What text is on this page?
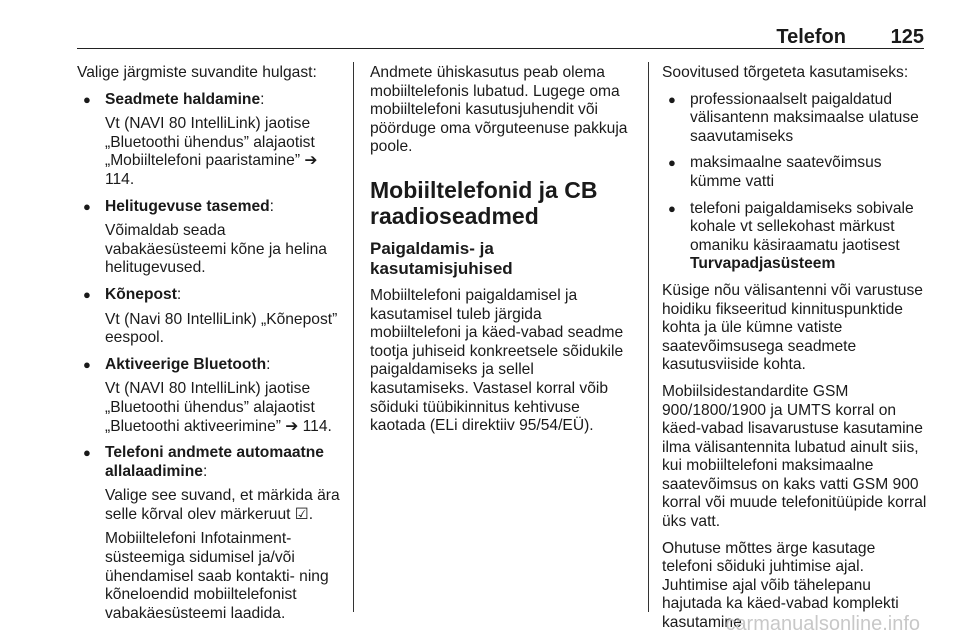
Telefon 125

Valige järgmiste suvandite hulgast:

● Seadmete haldamine:

Vt (NAVI 80 IntelliLink) jaotise „Bluetoothi ühendus” alajaotist „Mobiiltelefoni paaristamine” ➔ 114.

● Helitugevuse tasemed:

Võimaldab seada vabakäesüsteemi kõne ja helina helitugevused.

● Kõnepost:

Vt (Navi 80 IntelliLink) „Kõnepost” eespool.

● Aktiveerige Bluetooth:

Vt (NAVI 80 IntelliLink) jaotise „Bluetoothi ühendus” alajaotist „Bluetoothi aktiveerimine” ➔ 114.

● Telefoni andmete automaatne allalaadimine:

Valige see suvand, et märkida ära selle kõrval olev märkeruut ☑.

Mobiiltelefoni Infotainment-süsteemiga sidumisel ja/või ühendamisel saab kontakti- ning kõneloendid mobiiltelefonist vabakäesüsteemi laadida.

Andmete ühiskasutus peab olema mobiiltelefonis lubatud. Lugege oma mobiiltelefoni kasutusjuhendit või pöörduge oma võrguteenuse pakkuja poole.

Mobiiltelefonid ja CB raadioseadmed
Paigaldamis- ja kasutamisjuhised

Mobiiltelefoni paigaldamisel ja kasutamisel tuleb järgida mobiiltelefoni ja käed-vabad seadme tootja juhiseid konkreetsele sõidukile paigaldamiseks ja sellel kasutamiseks. Vastasel korral võib sõiduki tüübikinnitus kehtivuse kaotada (ELi direktiiv 95/54/EÜ).

Soovitused tõrgeteta kasutamiseks:

● professionaalselt paigaldatud välisantenn maksimaalse ulatuse saavutamiseks
● maksimaalne saatevõimsus kümme vatti
● telefoni paigaldamiseks sobivale kohale vt sellekohast märkust omaniku käsiraamatu jaotisest
Turvapadjasüsteem

Küsige nõu välisantenni või varustuse hoidiku fikseeritud kinnituspunktide kohta ja üle kümne vatiste saatevõimsusega seadmete kasutusviiside kohta.

Mobiilsidestandardite GSM 900/1800/1900 ja UMTS korral on käed-vabad lisavarustuse kasutamine ilma välisantennita lubatud ainult siis, kui mobiiltelefoni maksimaalne saatevõimsus on kaks vatti GSM 900 korral või muude telefonitüüpide korral üks vatt.

Ohutuse mõttes ärge kasutage telefoni sõiduki juhtimise ajal. Juhtimise ajal võib tähelepanu hajutada ka käed-vabad komplekti kasutamine.

carmanualsonline.info
